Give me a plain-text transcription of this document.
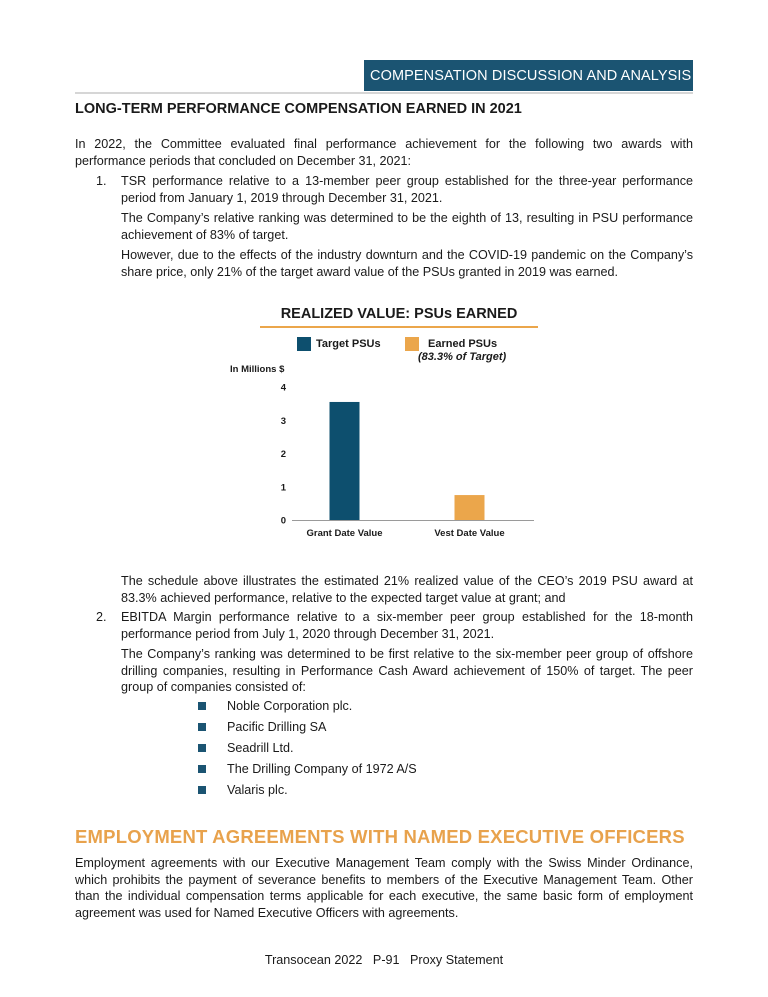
COMPENSATION DISCUSSION AND ANALYSIS
LONG-TERM PERFORMANCE COMPENSATION EARNED IN 2021

In 2022, the Committee evaluated final performance achievement for the following two awards with performance periods that concluded on December 31, 2021:

1. TSR performance relative to a 13-member peer group established for the three-year performance period from January 1, 2019 through December 31, 2021.

The Company’s relative ranking was determined to be the eighth of 13, resulting in PSU performance achievement of 83% of target.

However, due to the effects of the industry downturn and the COVID-19 pandemic on the Company’s share price, only 21% of the target award value of the PSUs granted in 2019 was earned.

REALIZED VALUE: PSUs EARNED
Target PSUs	Earned PSUs
(83.3% of Target)
In Millions $
0
1
2
3
4
Grant Date Value	Vest Date Value

The schedule above illustrates the estimated 21% realized value of the CEO’s 2019 PSU award at 83.3% achieved performance, relative to the expected target value at grant; and

2. EBITDA Margin performance relative to a six-member peer group established for the 18-month performance period from July 1, 2020 through December 31, 2021.

The Company’s ranking was determined to be first relative to the six-member peer group of offshore drilling companies, resulting in Performance Cash Award achievement of 150% of target. The peer group of companies consisted of:

Noble Corporation plc.
Pacific Drilling SA
Seadrill Ltd.
The Drilling Company of 1972 A/S
Valaris plc.
EMPLOYMENT AGREEMENTS WITH NAMED EXECUTIVE OFFICERS

Employment agreements with our Executive Management Team comply with the Swiss Minder Ordinance, which prohibits the payment of severance benefits to members of the Executive Management Team. Other than the individual compensation terms applicable for each executive, the same basic form of employment agreement was used for Named Executive Officers with agreements.

Transocean 2022 P-91 Proxy Statement
